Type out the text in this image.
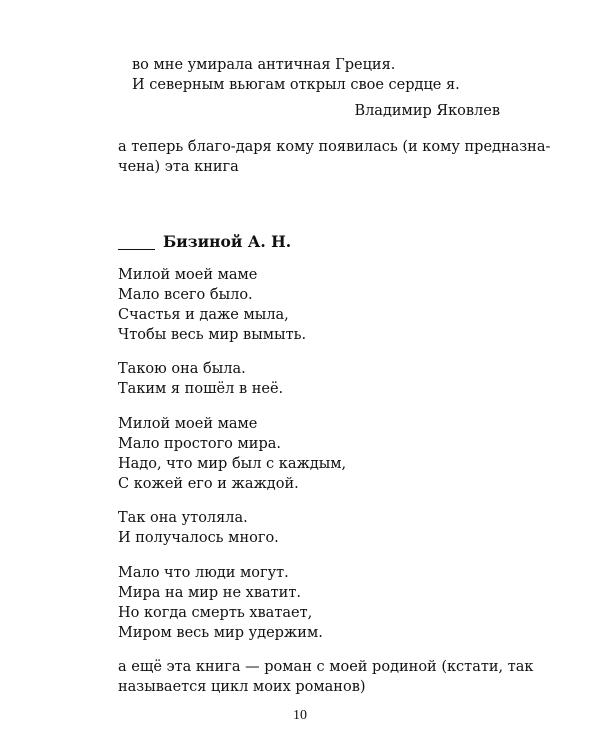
во мне умирала античная Греция.
И северным вьюгам открыл свое сердце я.
Владимир Яковлев
а теперь благо-даря кому появилась (и кому предназна-
чена) эта книга
Бизиной А. Н.
Милой моей маме
Мало всего было.
Счастья и даже мыла,
Чтобы весь мир вымыть.
Такою она была.
Таким я пошёл в неё.
Милой моей маме
Мало простого мира.
Надо, что мир был с каждым,
С кожей его и жаждой.
Так она утоляла.
И получалось много.
Мало что люди могут.
Мира на мир не хватит.
Но когда смерть хватает,
Миром весь мир удержим.
а ещё эта книга — роман с моей родиной (кстати, так
называется цикл моих романов)
10
